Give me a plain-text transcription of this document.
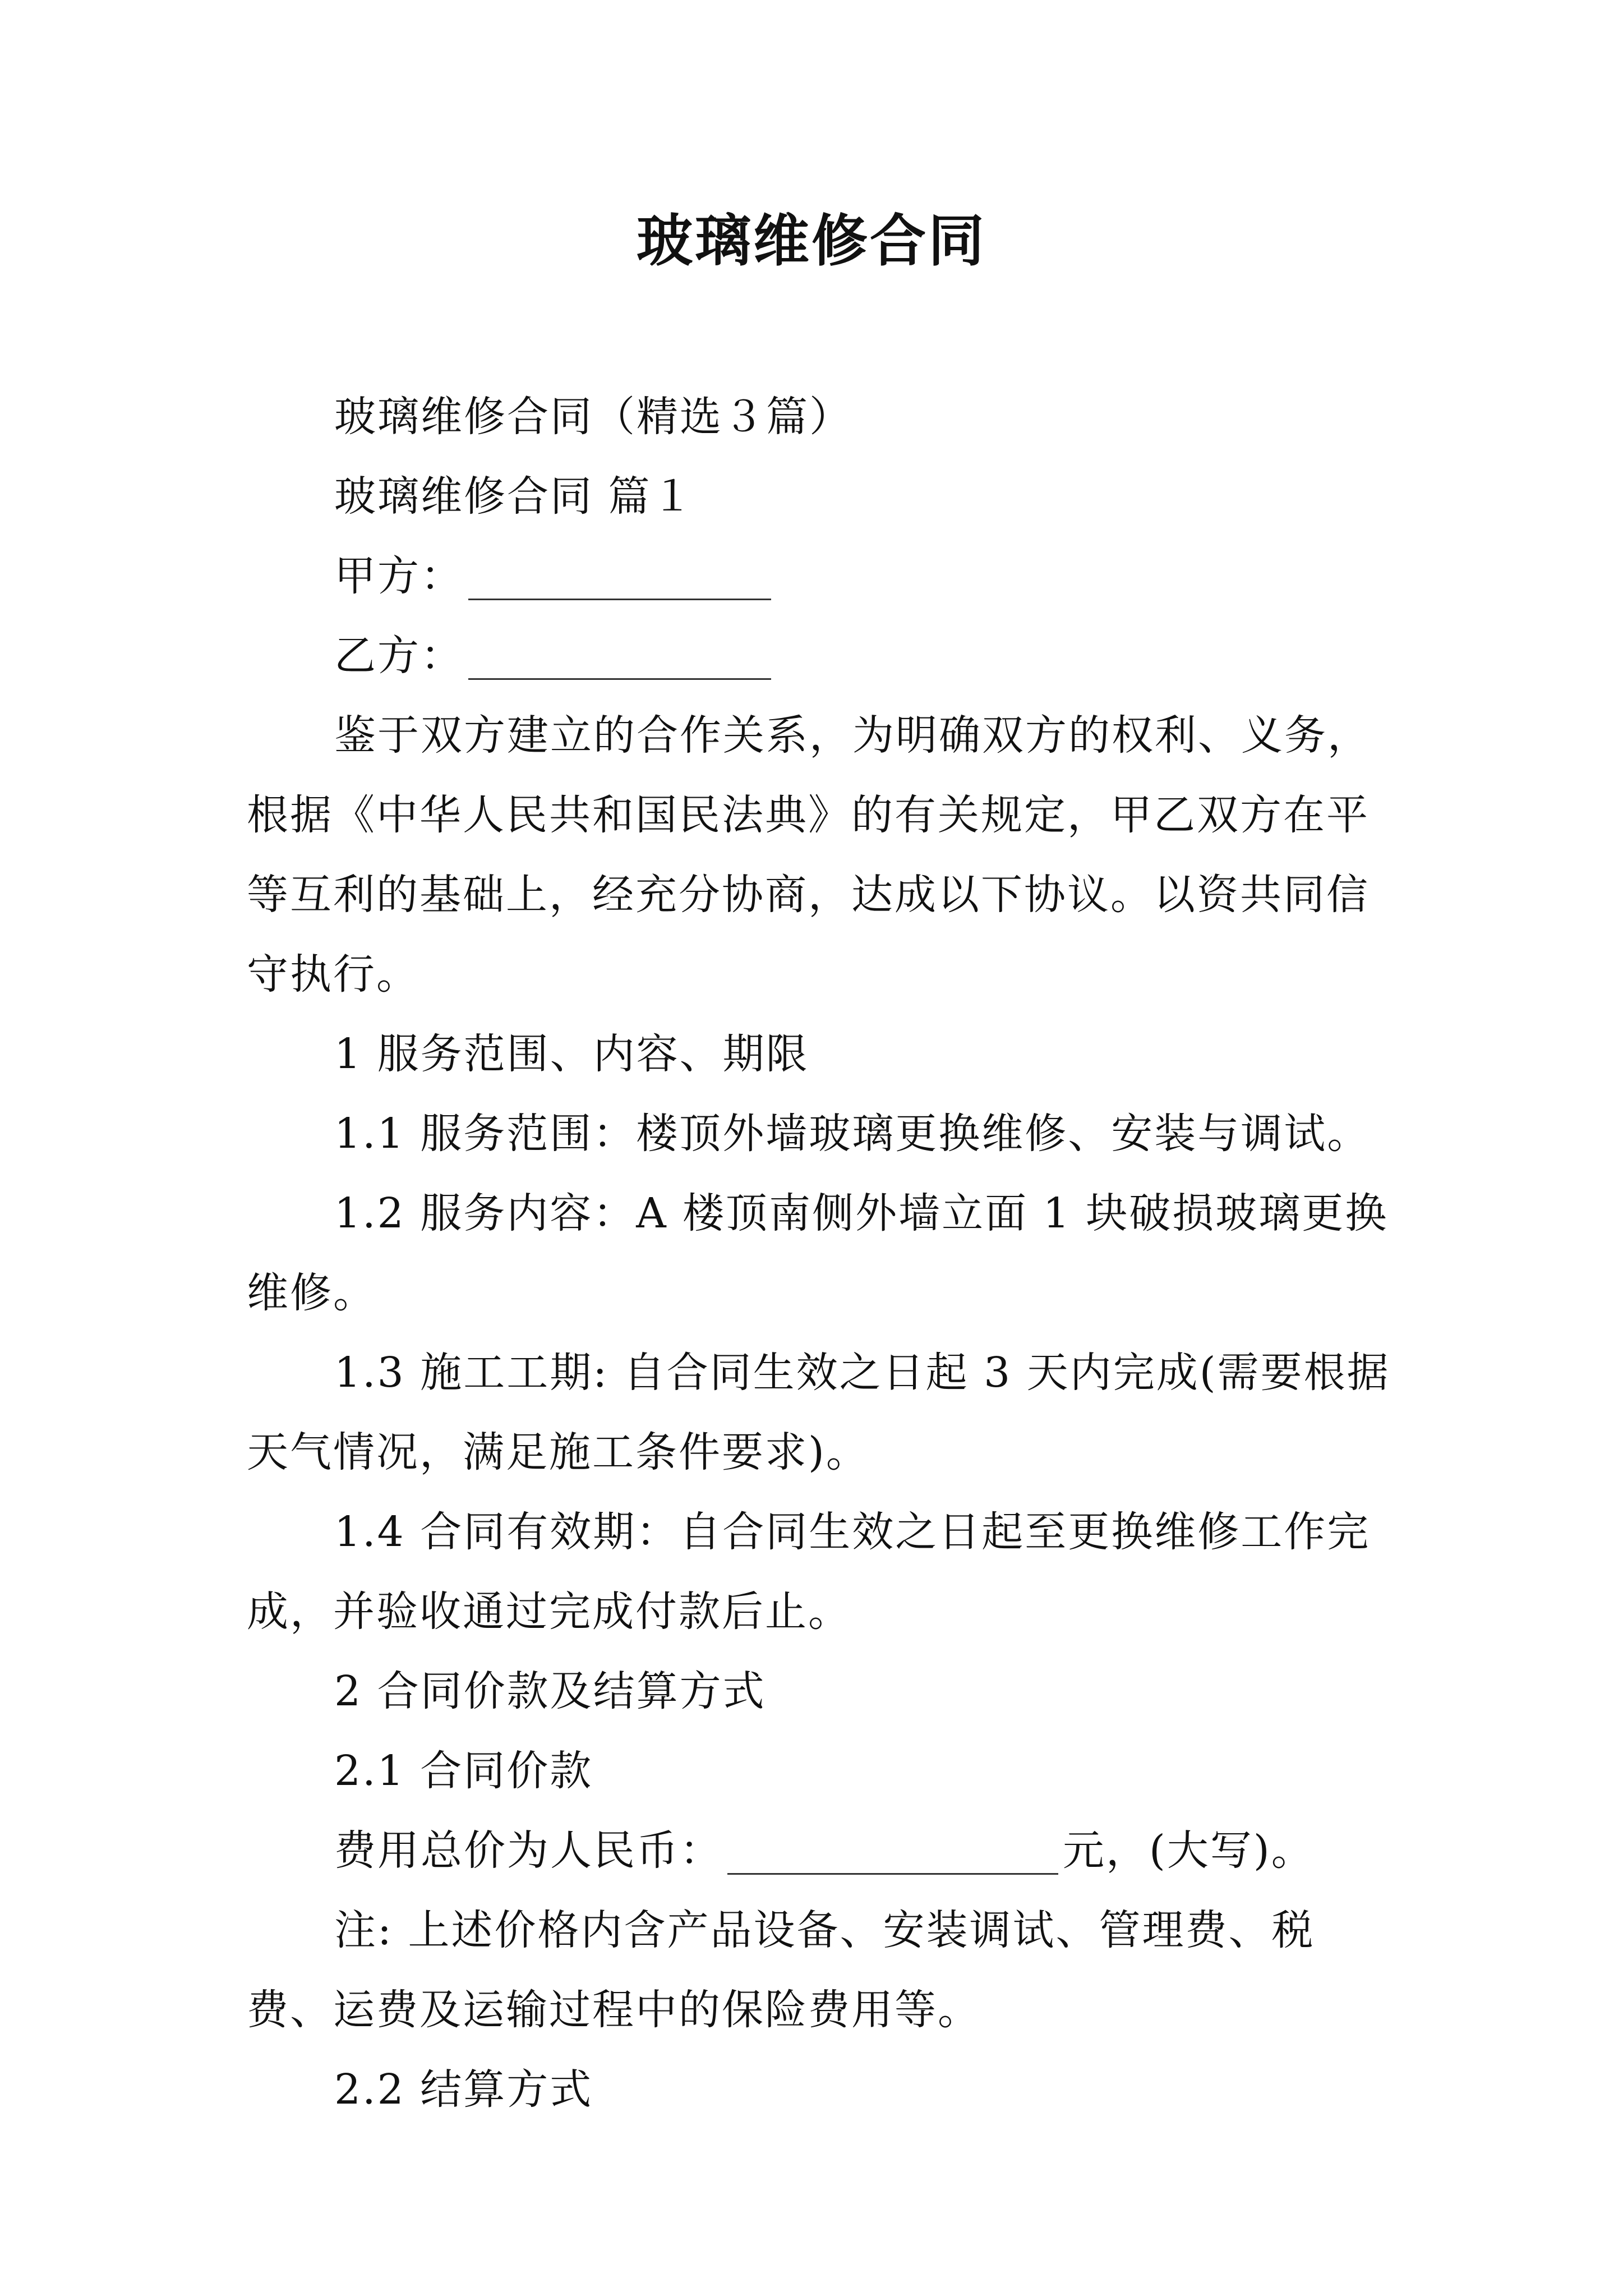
玻璃维修合同

玻璃维修合同（精选３篇）

玻璃维修合同 篇１

甲方：

乙方：

鉴于双方建立的合作关系，为明确双方的权利、义务，根据《中华人民共和国民法典》的有关规定，甲乙双方在平等互利的基础上，经充分协商，达成以下协议。以资共同信守执行。

1 服务范围、内容、期限

1.1 服务范围：楼顶外墙玻璃更换维修、安装与调试。

1.2 服务内容：A 楼顶南侧外墙立面 1 块破损玻璃更换维修。

1.3 施工工期: 自合同生效之日起 3 天内完成(需要根据天气情况，满足施工条件要求)。

1.4 合同有效期：自合同生效之日起至更换维修工作完成，并验收通过完成付款后止。

2 合同价款及结算方式

2.1 合同价款

费用总价为人民币：	元，(大写)。

注: 上述价格内含产品设备、安装调试、管理费、税费、运费及运输过程中的保险费用等。

2.2 结算方式
